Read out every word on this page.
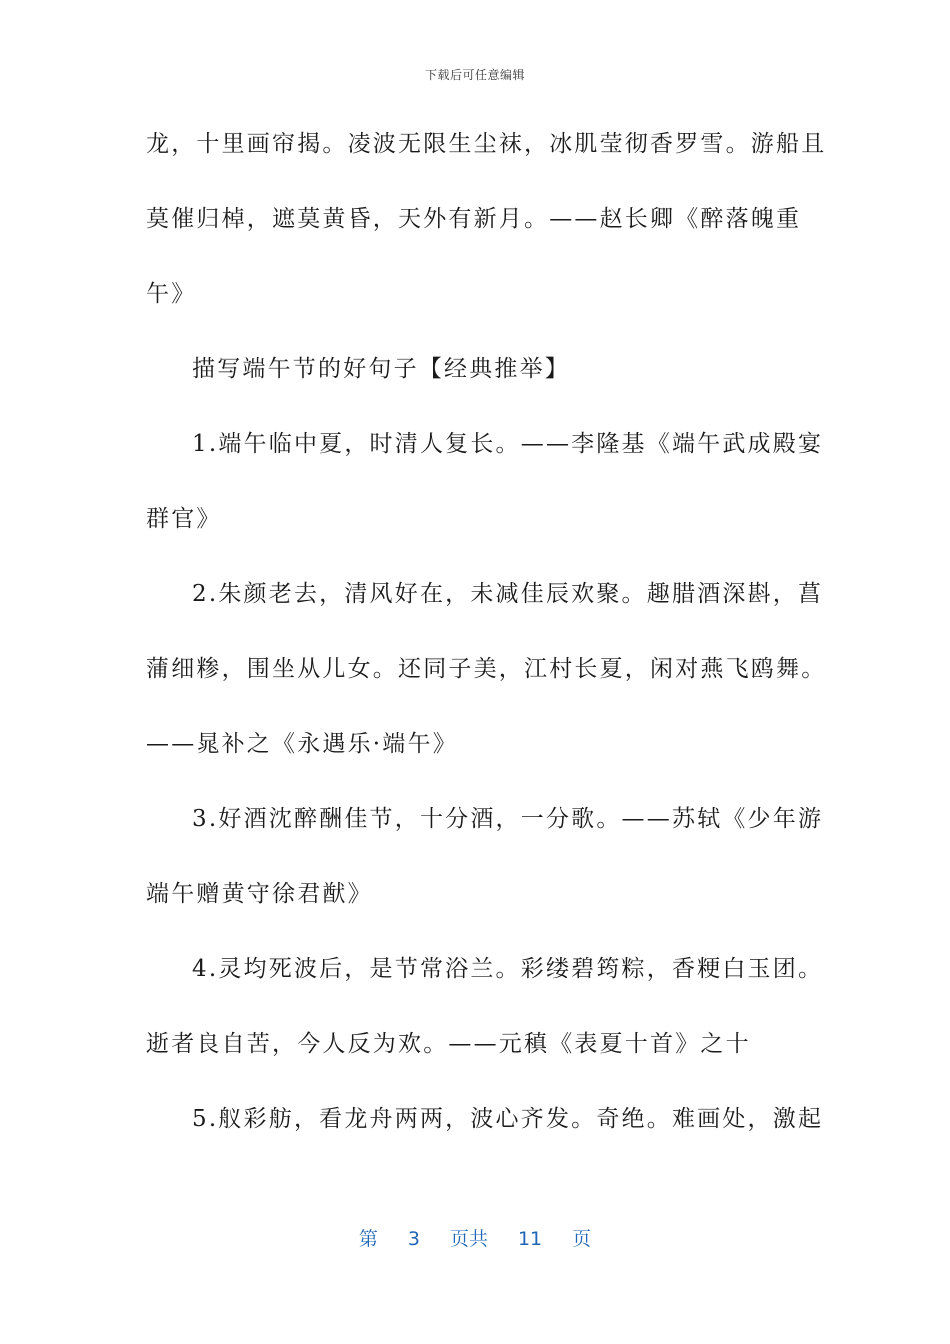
下载后可任意编辑
龙，十里画帘揭。凌波无限生尘袜，冰肌莹彻香罗雪。游船且
莫催归棹，遮莫黄昏，天外有新月。——赵长卿《醉落魄重
午》
描写端午节的好句子【经典推举】
1.端午临中夏，时清人复长。——李隆基《端午武成殿宴
群官》
2.朱颜老去，清风好在，未减佳辰欢聚。趣腊酒深斟，菖
蒲细糁，围坐从儿女。还同子美，江村长夏，闲对燕飞鸥舞。
——晁补之《永遇乐·端午》
3.好酒沈醉酬佳节，十分酒，一分歌。——苏轼《少年游
端午赠黄守徐君猷》
4.灵均死波后，是节常浴兰。彩缕碧筠粽，香粳白玉团。
逝者良自苦，今人反为欢。——元稹《表夏十首》之十
5.舣彩舫，看龙舟两两，波心齐发。奇绝。难画处，激起
第 3 页共 11 页
